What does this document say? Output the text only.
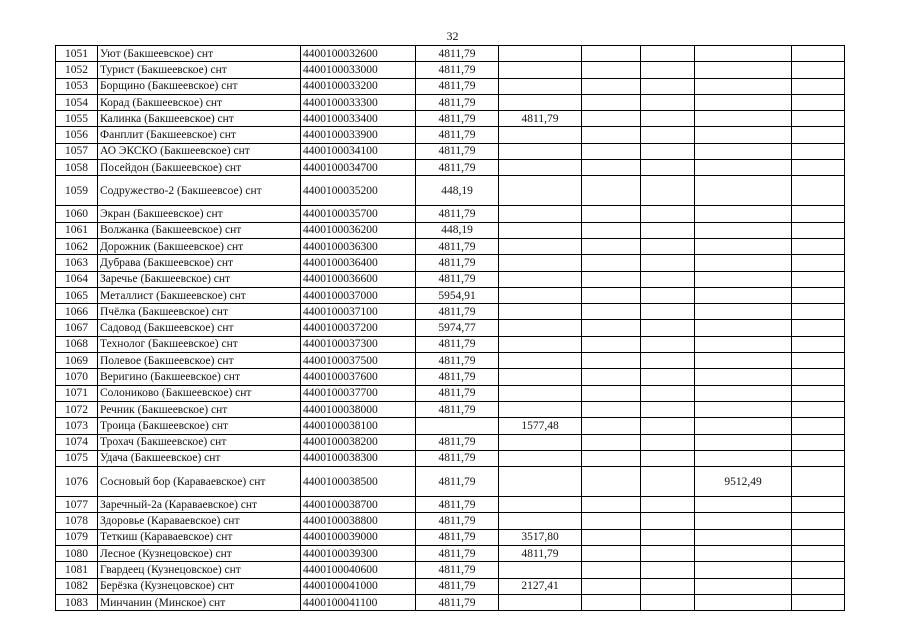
32
1051	Уют (Бакшеевское) снт	4400100032600	4811,79					
1052	Турист (Бакшеевское) снт	4400100033000	4811,79					
1053	Борщино (Бакшеевское) снт	4400100033200	4811,79					
1054	Корад (Бакшеевское) снт	4400100033300	4811,79					
1055	Калинка (Бакшеевское) снт	4400100033400	4811,79	4811,79				
1056	Фанплит (Бакшеевское) снт	4400100033900	4811,79					
1057	АО ЭКСКО (Бакшеевское) снт	4400100034100	4811,79					
1058	Посейдон (Бакшеевское) снт	4400100034700	4811,79					
1059	Содружество-2 (Бакшеевсое) снт	4400100035200	448,19					
1060	Экран (Бакшеевское) снт	4400100035700	4811,79					
1061	Волжанка (Бакшеевское) снт	4400100036200	448,19					
1062	Дорожник (Бакшеевское) снт	4400100036300	4811,79					
1063	Дубрава (Бакшеевское) снт	4400100036400	4811,79					
1064	Заречье (Бакшеевское) снт	4400100036600	4811,79					
1065	Металлист (Бакшеевское) снт	4400100037000	5954,91					
1066	Пчёлка (Бакшеевское) снт	4400100037100	4811,79					
1067	Садовод (Бакшеевское) снт	4400100037200	5974,77					
1068	Технолог (Бакшеевское) снт	4400100037300	4811,79					
1069	Полевое (Бакшеевское) снт	4400100037500	4811,79					
1070	Веригино (Бакшеевское) снт	4400100037600	4811,79					
1071	Солониково (Бакшеевское) снт	4400100037700	4811,79					
1072	Речник (Бакшеевское) снт	4400100038000	4811,79					
1073	Троица (Бакшеевское) снт	4400100038100		1577,48				
1074	Трохач (Бакшеевское) снт	4400100038200	4811,79					
1075	Удача (Бакшеевское) снт	4400100038300	4811,79					
1076	Сосновый бор (Караваевское) снт	4400100038500	4811,79				9512,49	
1077	Заречный-2а (Караваевское) снт	4400100038700	4811,79					
1078	Здоровье (Караваевское) снт	4400100038800	4811,79					
1079	Теткиш (Караваевское) снт	4400100039000	4811,79	3517,80				
1080	Лесное (Кузнецовское) снт	4400100039300	4811,79	4811,79				
1081	Гвардеец (Кузнецовское) снт	4400100040600	4811,79					
1082	Берёзка (Кузнецовское) снт	4400100041000	4811,79	2127,41				
1083	Минчанин (Минское) снт	4400100041100	4811,79					
